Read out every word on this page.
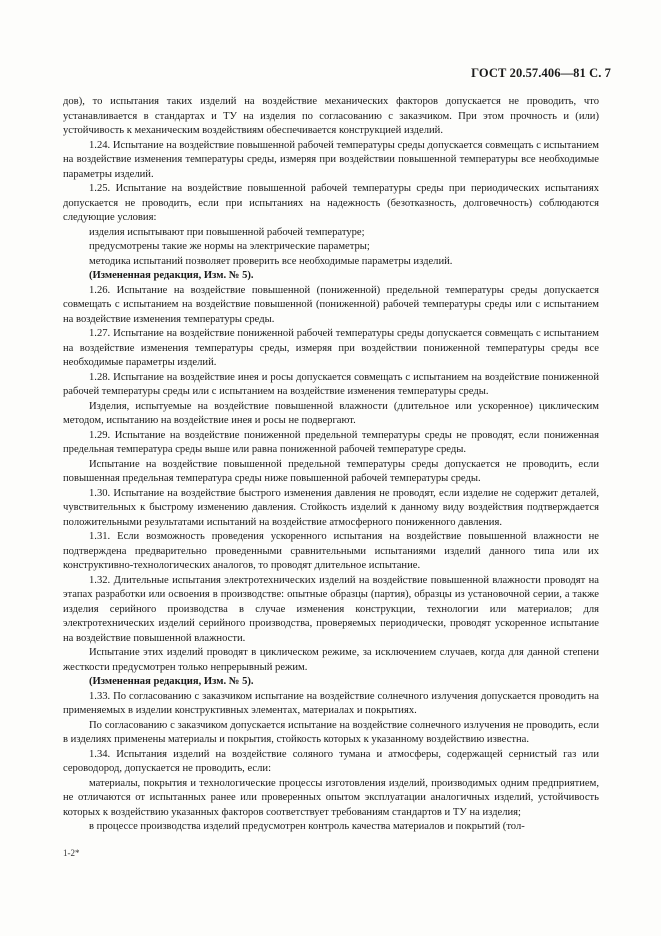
ГОСТ 20.57.406—81 С. 7

дов), то испытания таких изделий на воздействие механических факторов допускается не проводить, что устанавливается в стандартах и ТУ на изделия по согласованию с заказчиком. При этом прочность и (или) устойчивость к механическим воздействиям обеспечивается конструкцией изделий.

1.24. Испытание на воздействие повышенной рабочей температуры среды допускается совмещать с испытанием на воздействие изменения температуры среды, измеряя при воздействии повышенной температуры все необходимые параметры изделий.

1.25. Испытание на воздействие повышенной рабочей температуры среды при периодических испытаниях допускается не проводить, если при испытаниях на надежность (безотказность, долговечность) соблюдаются следующие условия:

изделия испытывают при повышенной рабочей температуре;

предусмотрены такие же нормы на электрические параметры;

методика испытаний позволяет проверить все необходимые параметры изделий.

(Измененная редакция, Изм. № 5).

1.26. Испытание на воздействие повышенной (пониженной) предельной температуры среды допускается совмещать с испытанием на воздействие повышенной (пониженной) рабочей температуры среды или с испытанием на воздействие изменения температуры среды.

1.27. Испытание на воздействие пониженной рабочей температуры среды допускается совмещать с испытанием на воздействие изменения температуры среды, измеряя при воздействии пониженной температуры среды все необходимые параметры изделий.

1.28. Испытание на воздействие инея и росы допускается совмещать с испытанием на воздействие пониженной рабочей температуры среды или с испытанием на воздействие изменения температуры среды.

Изделия, испытуемые на воздействие повышенной влажности (длительное или ускоренное) циклическим методом, испытанию на воздействие инея и росы не подвергают.

1.29. Испытание на воздействие пониженной предельной температуры среды не проводят, если пониженная предельная температура среды выше или равна пониженной рабочей температуре среды.

Испытание на воздействие повышенной предельной температуры среды допускается не проводить, если повышенная предельная температура среды ниже повышенной рабочей температуры среды.

1.30. Испытание на воздействие быстрого изменения давления не проводят, если изделие не содержит деталей, чувствительных к быстрому изменению давления. Стойкость изделий к данному виду воздействия подтверждается положительными результатами испытаний на воздействие атмосферного пониженного давления.

1.31. Если возможность проведения ускоренного испытания на воздействие повышенной влажности не подтверждена предварительно проведенными сравнительными испытаниями изделий данного типа или их конструктивно-технологических аналогов, то проводят длительное испытание.

1.32. Длительные испытания электротехнических изделий на воздействие повышенной влажности проводят на этапах разработки или освоения в производстве: опытные образцы (партия), образцы из установочной серии, а также изделия серийного производства в случае изменения конструкции, технологии или материалов; для электротехнических изделий серийного производства, проверяемых периодически, проводят ускоренное испытание на воздействие повышенной влажности.

Испытание этих изделий проводят в циклическом режиме, за исключением случаев, когда для данной степени жесткости предусмотрен только непрерывный режим.

(Измененная редакция, Изм. № 5).

1.33. По согласованию с заказчиком испытание на воздействие солнечного излучения допускается проводить на применяемых в изделии конструктивных элементах, материалах и покрытиях.

По согласованию с заказчиком допускается испытание на воздействие солнечного излучения не проводить, если в изделиях применены материалы и покрытия, стойкость которых к указанному воздействию известна.

1.34. Испытания изделий на воздействие соляного тумана и атмосферы, содержащей сернистый газ или сероводород, допускается не проводить, если:

материалы, покрытия и технологические процессы изготовления изделий, производимых одним предприятием, не отличаются от испытанных ранее или проверенных опытом эксплуатации аналогичных изделий, устойчивость которых к воздействию указанных факторов соответствует требованиям стандартов и ТУ на изделия;

в процессе производства изделий предусмотрен контроль качества материалов и покрытий (тол-

1-2*
